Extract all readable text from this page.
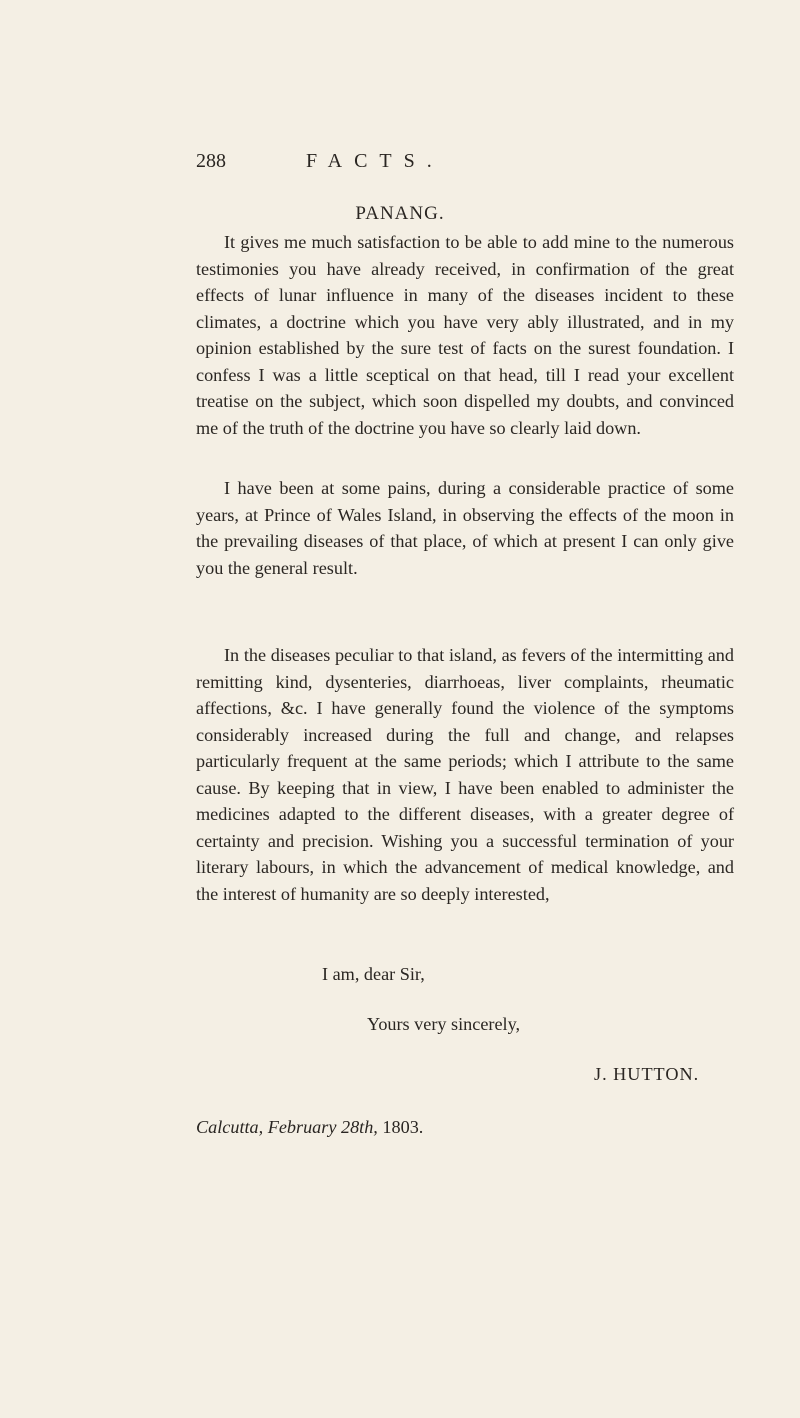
288	FACTS.
PANANG.

It gives me much satisfaction to be able to add mine to the numerous testimonies you have already received, in confirmation of the great effects of lunar influence in many of the diseases incident to these climates, a doctrine which you have very ably illustrated, and in my opinion established by the sure test of facts on the surest foundation. I confess I was a little sceptical on that head, till I read your excellent treatise on the subject, which soon dispelled my doubts, and convinced me of the truth of the doctrine you have so clearly laid down.

I have been at some pains, during a considerable practice of some years, at Prince of Wales Island, in observing the effects of the moon in the prevailing diseases of that place, of which at present I can only give you the general result.

In the diseases peculiar to that island, as fevers of the intermitting and remitting kind, dysenteries, diarrhoeas, liver complaints, rheumatic affections, &c. I have generally found the violence of the symptoms considerably increased during the full and change, and relapses particularly frequent at the same periods; which I attribute to the same cause. By keeping that in view, I have been enabled to administer the medicines adapted to the different diseases, with a greater degree of certainty and precision. Wishing you a successful termination of your literary labours, in which the advancement of medical knowledge, and the interest of humanity are so deeply interested,

I am, dear Sir,
Yours very sincerely,
J. HUTTON.
Calcutta, February 28th, 1803.
